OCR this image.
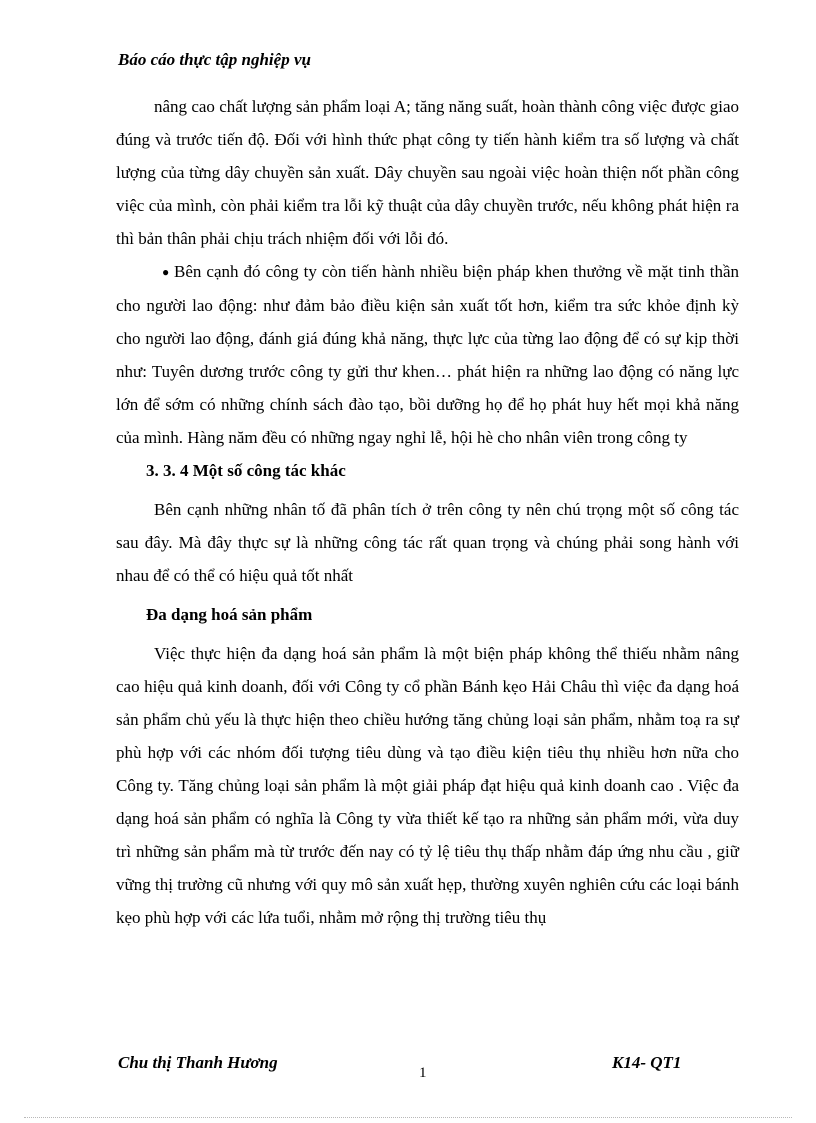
Báo cáo thực tập nghiệp vụ

nâng cao chất lượng sản phẩm loại A; tăng năng suất, hoàn thành công việc được giao đúng và trước tiến độ. Đối với hình thức phạt công ty tiến hành kiểm tra số lượng và chất lượng của từng dây chuyền sản xuất. Dây chuyền sau ngoài việc hoàn thiện nốt phần công việc của mình, còn phải kiểm tra lỗi kỹ thuật của dây chuyền trước, nếu không phát hiện ra thì bản thân phải chịu trách nhiệm đối với lỗi đó.

● Bên cạnh đó công ty còn tiến hành nhiều biện pháp khen thưởng về mặt tinh thần cho người lao động: như đảm bảo điều kiện sản xuất tốt hơn, kiểm tra sức khỏe định kỳ cho người lao động, đánh giá đúng khả năng, thực lực của từng lao động để có sự kịp thời như: Tuyên dương trước công ty gửi thư khen… phát hiện ra những lao động có năng lực lớn để sớm có những chính sách đào tạo, bồi dưỡng họ để họ phát huy hết mọi khả năng của mình. Hàng năm đều có những ngay nghỉ lễ, hội hè cho nhân viên trong công ty

3. 3. 4 Một số công tác khác

Bên cạnh những nhân tố đã phân tích ở trên công ty nên chú trọng một số công tác sau đây. Mà đây thực sự là những công tác rất quan trọng và chúng phải song hành với nhau để có thể có hiệu quả tốt nhất

Đa dạng hoá sản phẩm

Việc thực hiện đa dạng hoá sản phẩm là một biện pháp không thể thiếu nhằm nâng cao hiệu quả kinh doanh, đối với Công ty cổ phần Bánh kẹo Hải Châu thì việc đa dạng hoá sản phẩm chủ yếu là thực hiện theo chiều hướng tăng chủng loại sản phẩm, nhằm toạ ra sự phù hợp với các nhóm đối tượng tiêu dùng và tạo điều kiện tiêu thụ nhiều hơn nữa cho Công ty. Tăng chủng loại sản phẩm là một giải pháp đạt hiệu quả kinh doanh cao . Việc đa dạng hoá sản phẩm có nghĩa là Công ty vừa thiết kế tạo ra những sản phẩm mới, vừa duy trì những sản phẩm mà từ trước đến nay có tỷ lệ tiêu thụ thấp nhằm đáp ứng nhu cầu , giữ vững thị trường cũ nhưng với quy mô sản xuất hẹp, thường xuyên nghiên cứu các loại bánh kẹo phù hợp với các lứa tuổi, nhằm mở rộng thị trường tiêu thụ

Chu thị Thanh Hương
1
K14- QT1
